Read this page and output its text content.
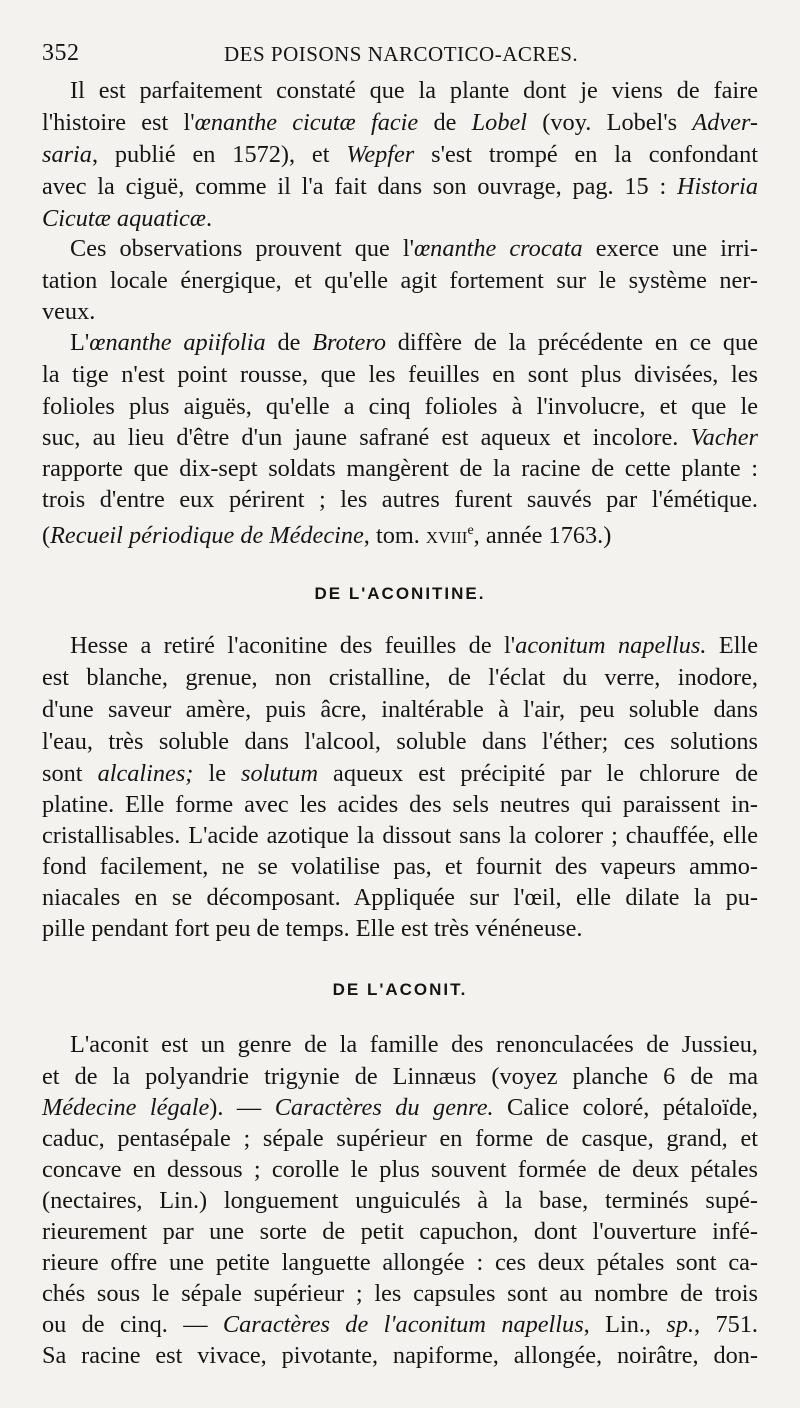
352	DES POISONS NARCOTICO-ACRES.
Il est parfaitement constaté que la plante dont je viens de faire
l'histoire est l'œnanthe cicutæ facie de Lobel (voy. Lobel's Adver-
saria, publié en 1572), et Wepfer s'est trompé en la confondant
avec la ciguë, comme il l'a fait dans son ouvrage, pag. 15 : Historia
Cicutæ aquaticæ.
Ces observations prouvent que l'œnanthe crocata exerce une irri-
tation locale énergique, et qu'elle agit fortement sur le système ner-
veux.
L'œnanthe apiifolia de Brotero diffère de la précédente en ce que
la tige n'est point rousse, que les feuilles en sont plus divisées, les
folioles plus aiguës, qu'elle a cinq folioles à l'involucre, et que le
suc, au lieu d'être d'un jaune safrané est aqueux et incolore. Vacher
rapporte que dix-sept soldats mangèrent de la racine de cette plante :
trois d'entre eux périrent ; les autres furent sauvés par l'émétique.
(Recueil périodique de Médecine, tom. xviii$^e$, année 1763.)
DE L'ACONITINE.
Hesse a retiré l'aconitine des feuilles de l'aconitum napellus. Elle
est blanche, grenue, non cristalline, de l'éclat du verre, inodore,
d'une saveur amère, puis âcre, inaltérable à l'air, peu soluble dans
l'eau, très soluble dans l'alcool, soluble dans l'éther; ces solutions
sont alcalines; le solutum aqueux est précipité par le chlorure de
platine. Elle forme avec les acides des sels neutres qui paraissent in-
cristallisables. L'acide azotique la dissout sans la colorer ; chauffée, elle
fond facilement, ne se volatilise pas, et fournit des vapeurs ammo-
niacales en se décomposant. Appliquée sur l'œil, elle dilate la pu-
pille pendant fort peu de temps. Elle est très vénéneuse.
DE L'ACONIT.
L'aconit est un genre de la famille des renonculacées de Jussieu,
et de la polyandrie trigynie de Linnæus (voyez planche 6 de ma
Médecine légale). — Caractères du genre. Calice coloré, pétaloïde,
caduc, pentasépale ; sépale supérieur en forme de casque, grand, et
concave en dessous ; corolle le plus souvent formée de deux pétales
(nectaires, Lin.) longuement unguiculés à la base, terminés supé-
rieurement par une sorte de petit capuchon, dont l'ouverture infé-
rieure offre une petite languette allongée : ces deux pétales sont ca-
chés sous le sépale supérieur ; les capsules sont au nombre de trois
ou de cinq. — Caractères de l'aconitum napellus, Lin., sp., 751.
Sa racine est vivace, pivotante, napiforme, allongée, noirâtre, don-
